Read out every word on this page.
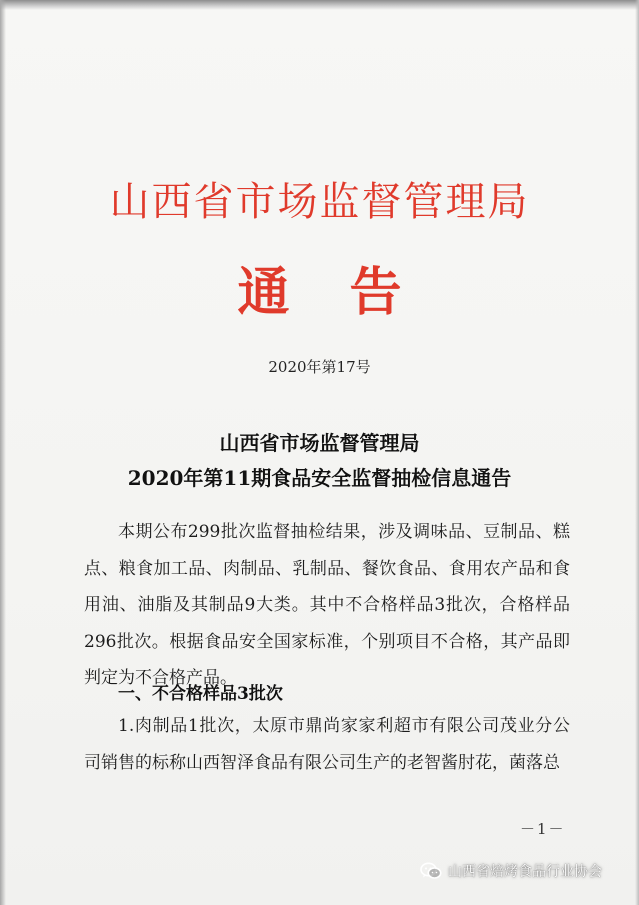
山西省市场监督管理局
通告
2020年第17号
山西省市场监督管理局
2020年第11期食品安全监督抽检信息通告
本期公布299批次监督抽检结果，涉及调味品、豆制品、糕点、粮食加工品、肉制品、乳制品、餐饮食品、食用农产品和食用油、油脂及其制品9大类。其中不合格样品3批次，合格样品296批次。根据食品安全国家标准，个别项目不合格，其产品即判定为不合格产品。
一、不合格样品3批次
1.肉制品1批次，太原市鼎尚家家利超市有限公司茂业分公司销售的标称山西智泽食品有限公司生产的老智酱肘花，菌落总
－1－
山西省焙烤食品行业协会
